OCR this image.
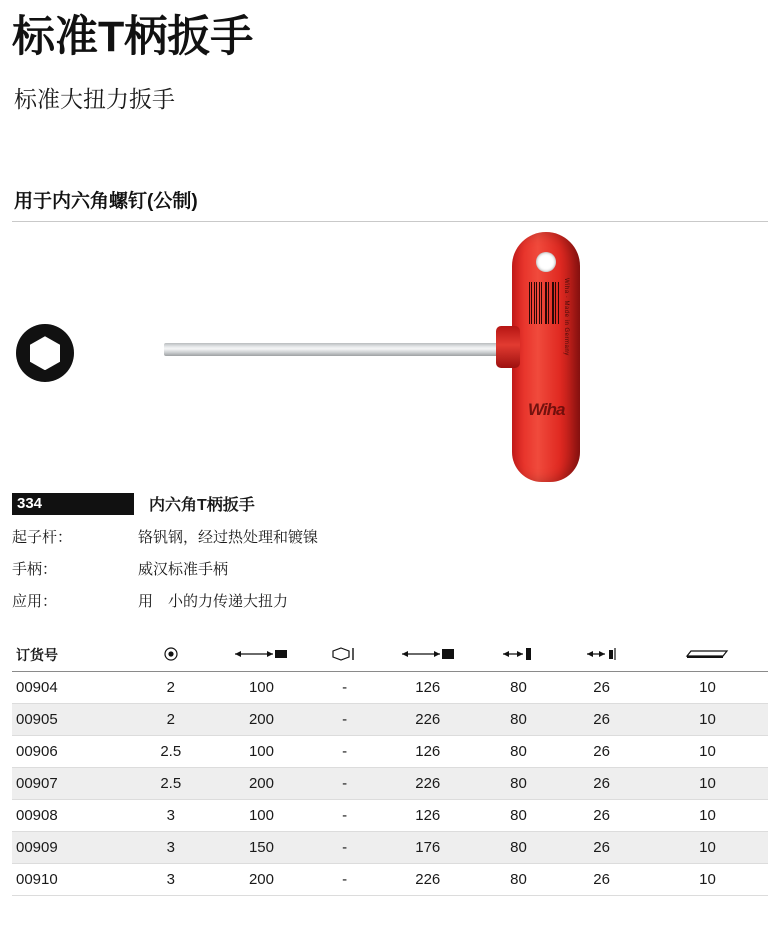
标准T柄扳手
标准大扭力扳手
用于内六角螺钉(公制)
Wiha · Made in Germany
Wiha
334	内六角T柄扳手
起子杆：	铬钒钢，经过热处理和镀镍
手柄：	威汉标准手柄
应用：	用　小的力传递大扭力
订货号							
00904	2	100	-	126	80	26	10
00905	2	200	-	226	80	26	10
00906	2.5	100	-	126	80	26	10
00907	2.5	200	-	226	80	26	10
00908	3	100	-	126	80	26	10
00909	3	150	-	176	80	26	10
00910	3	200	-	226	80	26	10
